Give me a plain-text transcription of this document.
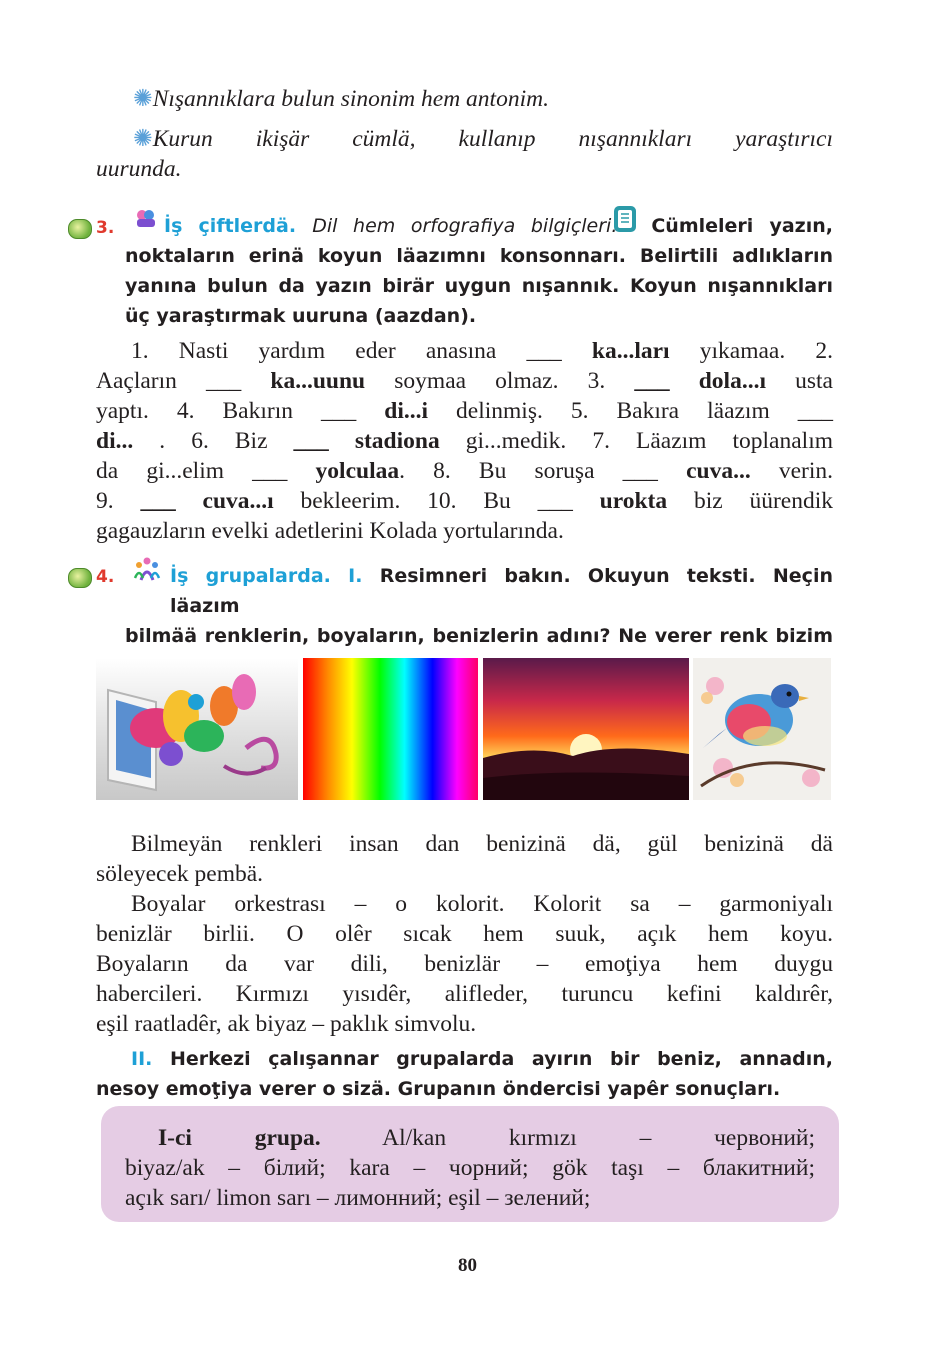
✺Nışannıklara bulun sinonim hem antonim.
✺Kurun ikişär cümlä, kullanıp nışannıkları yaraştırıcı
uurunda.
3.	İş çiftlerdä. Dil hem orfografiya bilgiçleri. Cümleleri yazın,
noktaların erinä koyun läazımnı konsonnarı. Belirtili adlıkların
yanına bulun da yazın birär uygun nışannık. Koyun nışannıkları
üç yaraştırmak uuruna (aazdan).
1. Nasti yardım eder anasına ___ ka...ları yıkamaa. 2.
Aaçların ___ ka...uunu soymaa olmaz. 3. ___ dola...ı usta
yaptı. 4. Bakırın ___ di...i delinmiş. 5. Bakıra läazım ___
di... . 6. Biz ___ stadiona gi...medik. 7. Läazım toplanalım
da gi...elim ___ yolculaa. 8. Bu soruşa ___ cuva... verin.
9. ___ cuva...ı bekleerim. 10. Bu ___ urokta biz üürendik
gagauzların evelki adetlerini Kolada yortularında.
4.	İş grupalarda. I. Resimneri bakın. Okuyun teksti. Neçin läazım
bilmää renklerin, boyaların, benizlerin adını? Ne verer renk bizim
Bilmeyän renkleri insan dan benizinä dä, gül benizinä dä
söleyecek pembä.
Boyalar orkestrası – o kolorit. Kolorit sa – garmoniyalı
benizlär birlii. O olêr sıcak hem suuk, açık hem koyu.
Boyaların da var dili, benizlär – emoţiya hem duygu
habercileri. Kırmızı yısıdêr, alifleder, turuncu kefini kaldırêr,
eşil raatladêr, ak biyaz – paklık simvolu.
II. Herkezi çalışannar grupalarda ayırın bir beniz, annadın,
nesoy emoţiya verer o sizä. Grupanın öndercisi yapêr sonuçları.
I-ci	grupa.	Al/kan	kırmızı	–	червоний;
biyaz/ak – білий; kara – чорний; gök taşı – блакитний;
açık sarı/ limon sarı – лимонний; eşil – зелений;
80
